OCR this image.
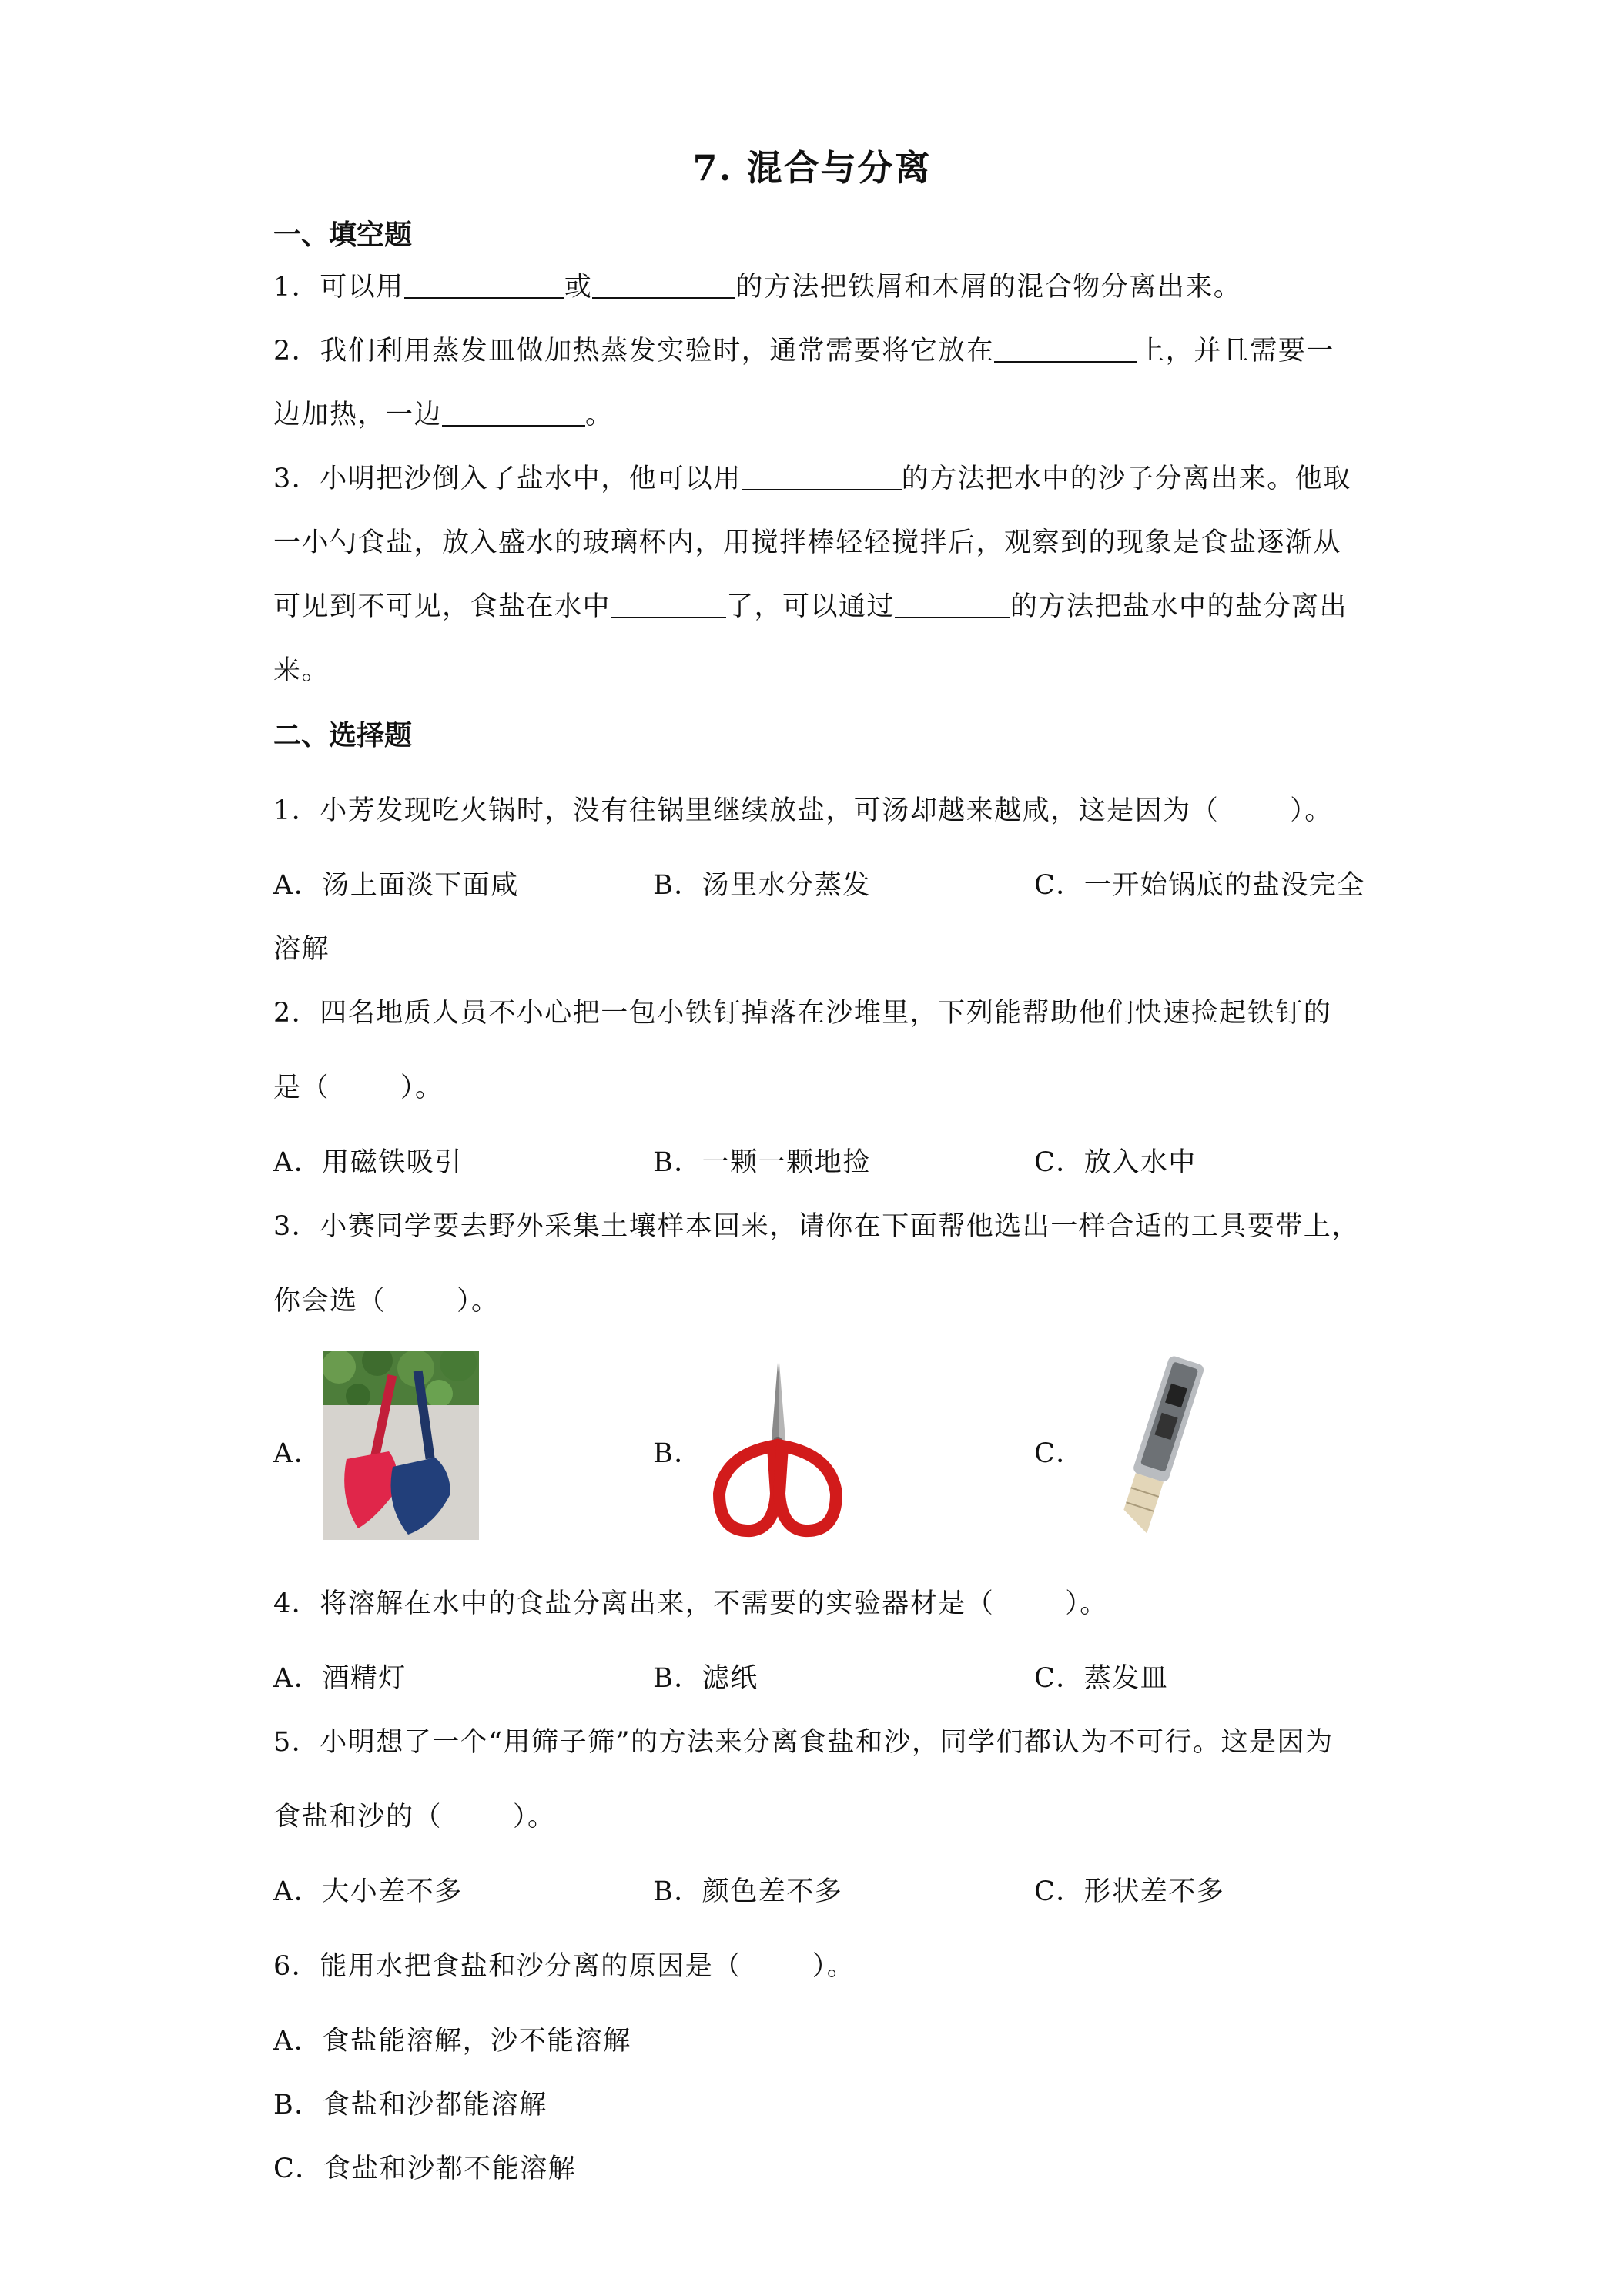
7. 混合与分离
一、填空题
1．可以用	或	的方法把铁屑和木屑的混合物分离出来。
2．我们利用蒸发皿做加热蒸发实验时，通常需要将它放在	上，并且需要一
边加热，一边	。
3．小明把沙倒入了盐水中，他可以用	的方法把水中的沙子分离出来。他取
一小勺食盐，放入盛水的玻璃杯内，用搅拌棒轻轻搅拌后，观察到的现象是食盐逐渐从
可见到不可见，食盐在水中	了，可以通过	的方法把盐水中的盐分离出
来。
二、选择题
1．小芳发现吃火锅时，没有往锅里继续放盐，可汤却越来越咸，这是因为（	）。
A．汤上面淡下面咸	B．汤里水分蒸发	C．一开始锅底的盐没完全
溶解
2．四名地质人员不小心把一包小铁钉掉落在沙堆里，下列能帮助他们快速捡起铁钉的
是（	）。
A．用磁铁吸引	B．一颗一颗地捡	C．放入水中
3．小赛同学要去野外采集土壤样本回来，请你在下面帮他选出一样合适的工具要带上，
你会选（	）。
A．	B．	C．
4．将溶解在水中的食盐分离出来，不需要的实验器材是（	）。
A．酒精灯	B．滤纸	C．蒸发皿
5．小明想了一个“用筛子筛”的方法来分离食盐和沙，同学们都认为不可行。这是因为
食盐和沙的（	）。
A．大小差不多	B．颜色差不多	C．形状差不多
6．能用水把食盐和沙分离的原因是（	）。
A．食盐能溶解，沙不能溶解
B．食盐和沙都能溶解
C．食盐和沙都不能溶解
